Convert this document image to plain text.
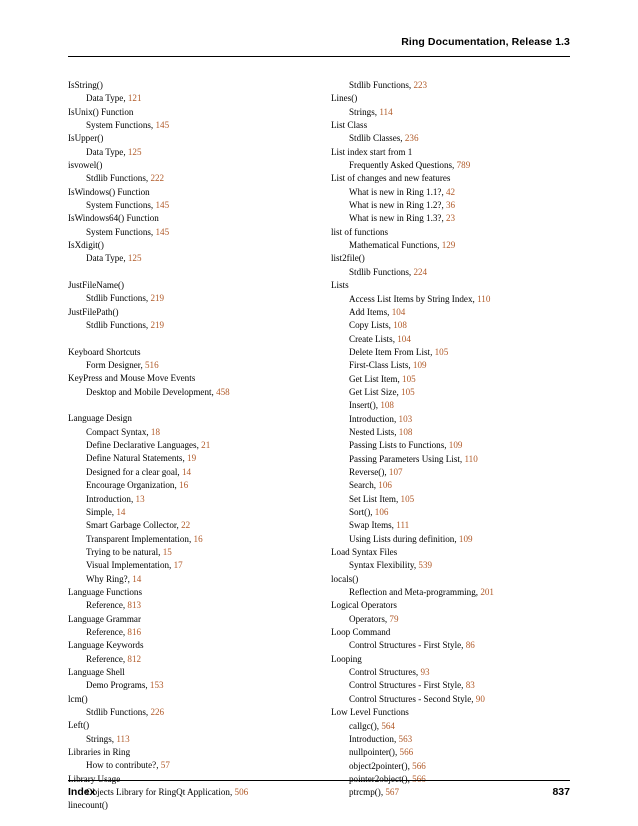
Ring Documentation, Release 1.3
IsString()
Data Type, 121
IsUnix() Function
System Functions, 145
IsUpper()
Data Type, 125
isvowel()
Stdlib Functions, 222
IsWindows() Function
System Functions, 145
IsWindows64() Function
System Functions, 145
IsXdigit()
Data Type, 125
JustFileName()
Stdlib Functions, 219
JustFilePath()
Stdlib Functions, 219
Keyboard Shortcuts
Form Designer, 516
KeyPress and Mouse Move Events
Desktop and Mobile Development, 458
Language Design
Compact Syntax, 18
Define Declarative Languages, 21
Define Natural Statements, 19
Designed for a clear goal, 14
Encourage Organization, 16
Introduction, 13
Simple, 14
Smart Garbage Collector, 22
Transparent Implementation, 16
Trying to be natural, 15
Visual Implementation, 17
Why Ring?, 14
Language Functions
Reference, 813
Language Grammar
Reference, 816
Language Keywords
Reference, 812
Language Shell
Demo Programs, 153
lcm()
Stdlib Functions, 226
Left()
Strings, 113
Libraries in Ring
How to contribute?, 57
Library Usage
Objects Library for RingQt Application, 506
linecount()
Stdlib Functions, 223
Lines()
Strings, 114
List Class
Stdlib Classes, 236
List index start from 1
Frequently Asked Questions, 789
List of changes and new features
What is new in Ring 1.1?, 42
What is new in Ring 1.2?, 36
What is new in Ring 1.3?, 23
list of functions
Mathematical Functions, 129
list2file()
Stdlib Functions, 224
Lists
Access List Items by String Index, 110
Add Items, 104
Copy Lists, 108
Create Lists, 104
Delete Item From List, 105
First-Class Lists, 109
Get List Item, 105
Get List Size, 105
Insert(), 108
Introduction, 103
Nested Lists, 108
Passing Lists to Functions, 109
Passing Parameters Using List, 110
Reverse(), 107
Search, 106
Set List Item, 105
Sort(), 106
Swap Items, 111
Using Lists during definition, 109
Load Syntax Files
Syntax Flexibility, 539
locals()
Reflection and Meta-programming, 201
Logical Operators
Operators, 79
Loop Command
Control Structures - First Style, 86
Looping
Control Structures, 93
Control Structures - First Style, 83
Control Structures - Second Style, 90
Low Level Functions
callgc(), 564
Introduction, 563
nullpointer(), 566
object2pointer(), 566
pointer2object(), 566
ptrcmp(), 567
Index	837
